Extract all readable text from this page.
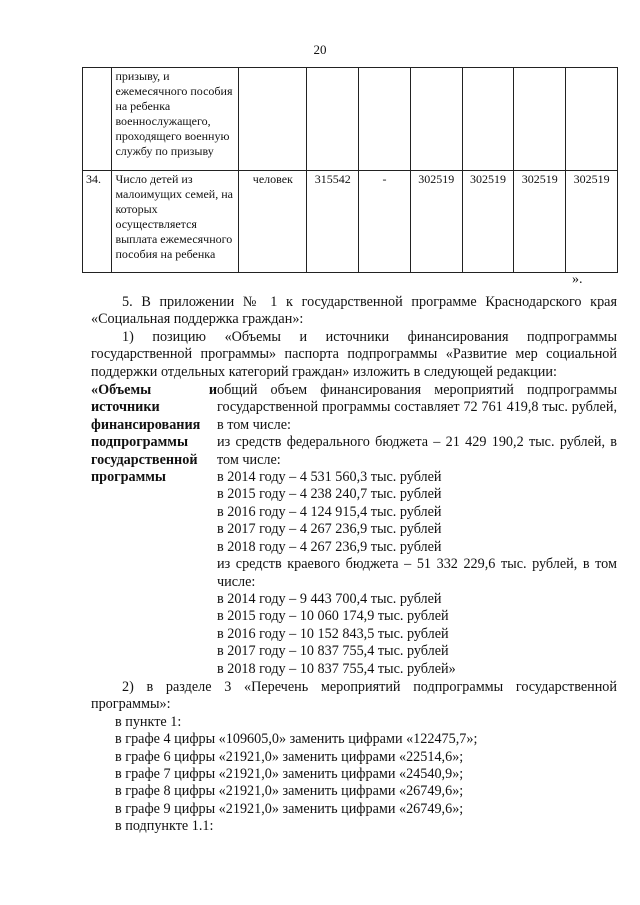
20
	призыву, и ежемесячного пособия на ребенка военнослужащего, проходящего военную службу по призыву							
34.	Число детей из малоимущих семей, на которых осуществляется выплата ежемесячного пособия на ребенка	человек	315542	-	302519	302519	302519	302519
».

5. В приложении № 1 к государственной программе Краснодарского края «Социальная поддержка граждан»:

1) позицию «Объемы и источники финансирования подпрограммы государственной программы» паспорта подпрограммы «Развитие мер социальной поддержки отдельных категорий граждан» изложить в следующей редакции:

«Объемы	и
источники финансирования подпрограммы государственной программы

общий объем финансирования мероприятий подпрограммы государственной программы составляет 72 761 419,8 тыс. рублей, в том числе:

из средств федерального бюджета – 21 429 190,2 тыс. рублей, в том числе:

в 2014 году – 4 531 560,3 тыс. рублей
в 2015 году – 4 238 240,7 тыс. рублей
в 2016 году – 4 124 915,4 тыс. рублей
в 2017 году – 4 267 236,9 тыс. рублей
в 2018 году – 4 267 236,9 тыс. рублей

из средств краевого бюджета – 51 332 229,6 тыс. рублей, в том числе:

в 2014 году – 9 443 700,4 тыс. рублей
в 2015 году – 10 060 174,9 тыс. рублей
в 2016 году – 10 152 843,5 тыс. рублей
в 2017 году – 10 837 755,4 тыс. рублей
в 2018 году – 10 837 755,4 тыс. рублей»

2) в разделе 3 «Перечень мероприятий подпрограммы государственной программы»:

в пункте 1:
в графе 4 цифры «109605,0» заменить цифрами «122475,7»;
в графе 6 цифры «21921,0» заменить цифрами «22514,6»;
в графе 7 цифры «21921,0» заменить цифрами «24540,9»;
в графе 8 цифры «21921,0» заменить цифрами «26749,6»;
в графе 9 цифры «21921,0» заменить цифрами «26749,6»;
в подпункте 1.1:
